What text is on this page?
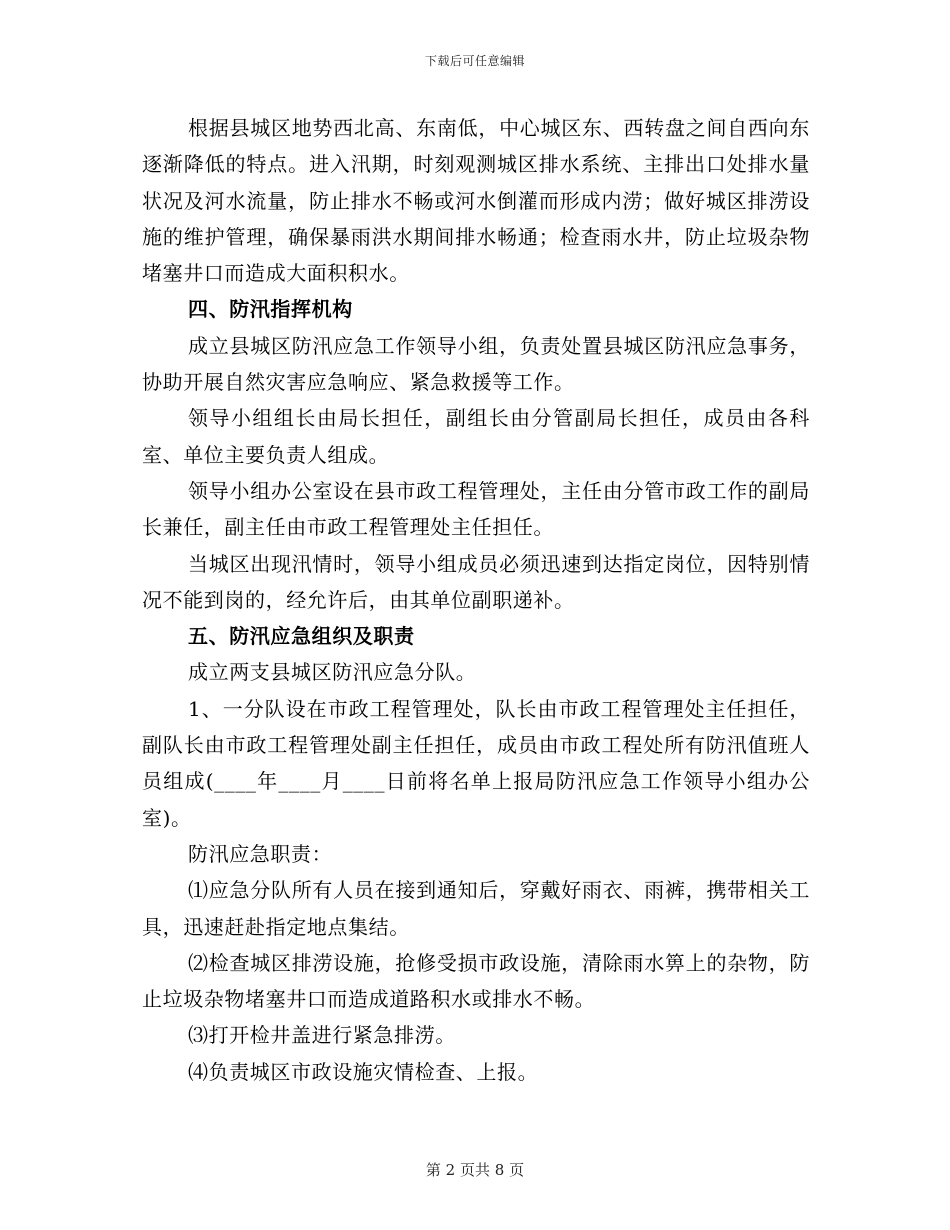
下载后可任意编辑

根据县城区地势西北高、东南低，中心城区东、西转盘之间自西向东逐渐降低的特点。进入汛期，时刻观测城区排水系统、主排出口处排水量状况及河水流量，防止排水不畅或河水倒灌而形成内涝；做好城区排涝设施的维护管理，确保暴雨洪水期间排水畅通；检查雨水井，防止垃圾杂物堵塞井口而造成大面积积水。

四、防汛指挥机构

成立县城区防汛应急工作领导小组，负责处置县城区防汛应急事务，协助开展自然灾害应急响应、紧急救援等工作。

领导小组组长由局长担任，副组长由分管副局长担任，成员由各科室、单位主要负责人组成。

领导小组办公室设在县市政工程管理处，主任由分管市政工作的副局长兼任，副主任由市政工程管理处主任担任。

当城区出现汛情时，领导小组成员必须迅速到达指定岗位，因特别情况不能到岗的，经允许后，由其单位副职递补。

五、防汛应急组织及职责

成立两支县城区防汛应急分队。

1、一分队设在市政工程管理处，队长由市政工程管理处主任担任，副队长由市政工程管理处副主任担任，成员由市政工程处所有防汛值班人员组成(____年____月____日前将名单上报局防汛应急工作领导小组办公室)。

防汛应急职责：

⑴应急分队所有人员在接到通知后，穿戴好雨衣、雨裤，携带相关工具，迅速赶赴指定地点集结。

⑵检查城区排涝设施，抢修受损市政设施，清除雨水箅上的杂物，防止垃圾杂物堵塞井口而造成道路积水或排水不畅。

⑶打开检井盖进行紧急排涝。

⑷负责城区市政设施灾情检查、上报。

第 2 页共 8 页
